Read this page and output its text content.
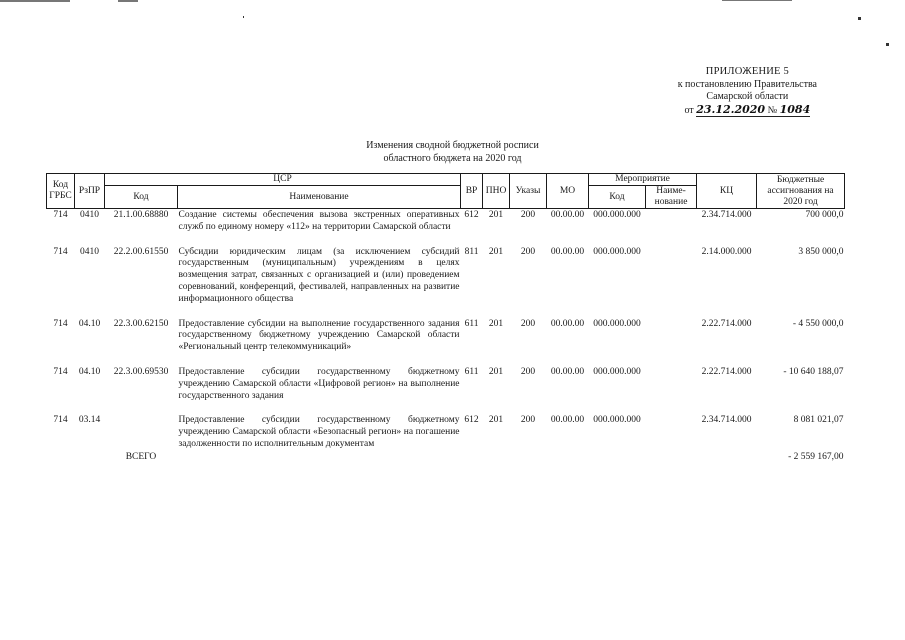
ПРИЛОЖЕНИЕ 5
к постановлению Правительства
Самарской области
от 23.12.2020 № 1084
Изменения сводной бюджетной росписи
областного бюджета на 2020 год
Код ГРБС	РзПР	ЦСР		ВР	ПНО	Указы	МО	Мероприятие		КЦ	Бюджетные ассигнования на 2020 год
		Код	Наименование					Код	Наиме-нование		
714	0410	21.1.00.68880	Создание системы обеспечения вызова экстренных оперативных служб по единому номеру «112» на территории Самарской области	612	201	200	00.00.00	000.000.000		2.34.714.000	700 000,0

714	0410	22.2.00.61550	Субсидии юридическим лицам (за исключением субсидий государственным (муниципальным) учреждениям в целях возмещения затрат, связанных с организацией и (или) проведением соревнований, конференций, фестивалей, направленных на развитие информационного общества	811	201	200	00.00.00	000.000.000		2.14.000.000	3 850 000,0

714	04.10	22.3.00.62150	Предоставление субсидии на выполнение государственного задания государственному бюджетному учреждению Самарской области «Региональный центр телекоммуникаций»	611	201	200	00.00.00	000.000.000		2.22.714.000	- 4 550 000,0

714	04.10	22.3.00.69530	Предоставление субсидии государственному бюджетному учреждению Самарской области «Цифровой регион» на выполнение государственного задания	611	201	200	00.00.00	000.000.000		2.22.714.000	- 10 640 188,07

714	03.14		Предоставление субсидии государственному бюджетному учреждению Самарской области «Безопасный регион» на погашение задолженности по исполнительным документам	612	201	200	00.00.00	000.000.000		2.34.714.000	8 081 021,07
		ВСЕГО									- 2 559 167,00
